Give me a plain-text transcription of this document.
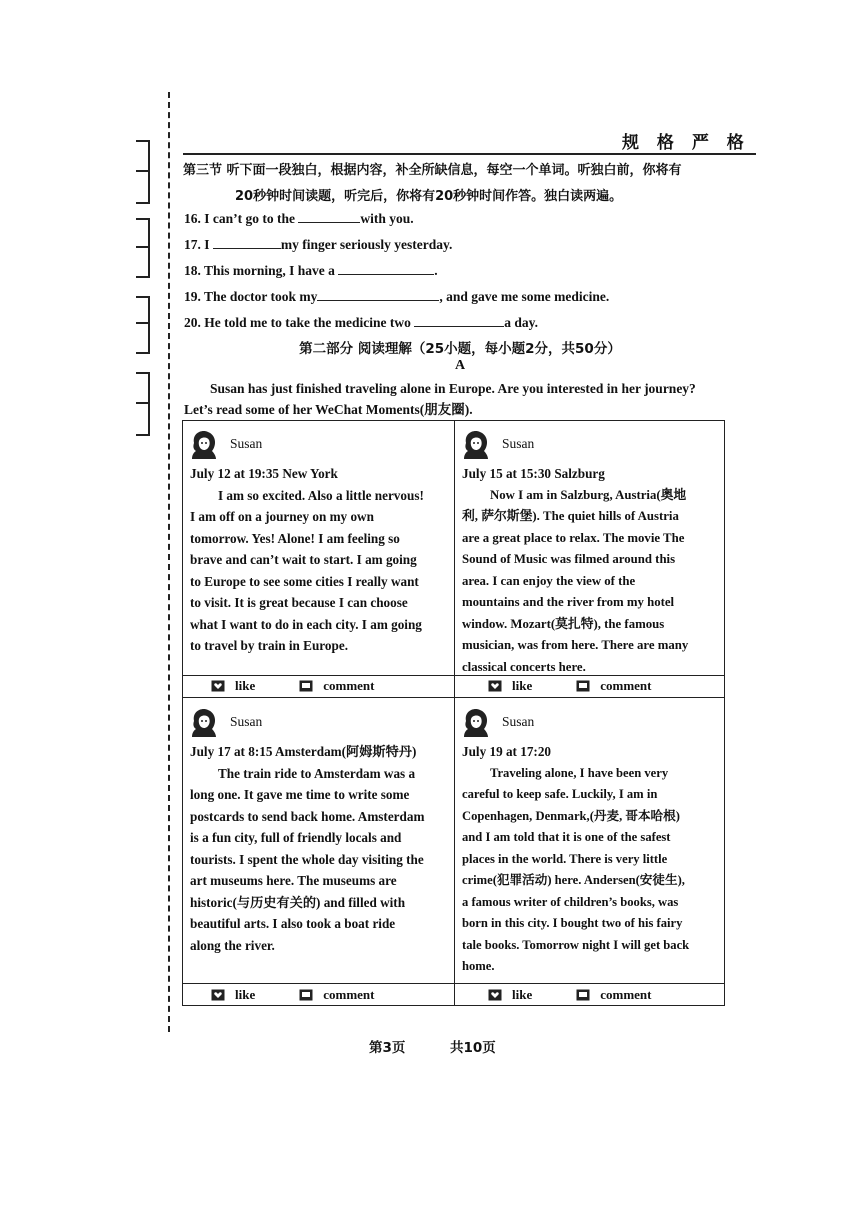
规 格 严 格
第三节 听下面一段独白，根据内容，补全所缺信息，每空一个单词。听独白前，你将有
20秒钟时间读题，听完后，你将有20秒钟时间作答。独白读两遍。
16. I can’t go to the	with you.
17. I	my finger seriously yesterday.
18. This morning, I have a	.
19. The doctor took my	, and gave me some medicine.
20. He told me to take the medicine two	a day.
第二部分 阅读理解（25小题，每小题2分，共50分）
A
Susan has just finished traveling alone in Europe. Are you interested in her journey?
Let’s read some of her WeChat Moments(朋友圈).
Susan
July 12 at 19:35 New York

I am so excited. Also a little nervous!

I am off on a journey on my own

tomorrow. Yes! Alone! I am feeling so

brave and can’t wait to start. I am going

to Europe to see some cities I really want

to visit. It is great because I can choose

what I want to do in each city. I am going

to travel by train in Europe.

like	comment
Susan
July 15 at 15:30 Salzburg

Now I am in Salzburg, Austria(奥地

利, 萨尔斯堡). The quiet hills of Austria

are a great place to relax. The movie The

Sound of Music was filmed around this

area. I can enjoy the view of the

mountains and the river from my hotel

window. Mozart(莫扎特), the famous

musician, was from here. There are many

classical concerts here.

like	comment
Susan
July 17 at 8:15 Amsterdam(阿姆斯特丹)

The train ride to Amsterdam was a

long one. It gave me time to write some

postcards to send back home. Amsterdam

is a fun city, full of friendly locals and

tourists. I spent the whole day visiting the

art museums here. The museums are

historic(与历史有关的) and filled with

beautiful arts. I also took a boat ride

along the river.

like	comment
Susan
July 19 at 17:20

Traveling alone, I have been very

careful to keep safe. Luckily, I am in

Copenhagen, Denmark,(丹麦, 哥本哈根)

and I am told that it is one of the safest

places in the world. There is very little

crime(犯罪活动) here. Andersen(安徒生),

a famous writer of children’s books, was

born in this city. I bought two of his fairy

tale books. Tomorrow night I will get back

home.

like	comment
第3页	共10页
